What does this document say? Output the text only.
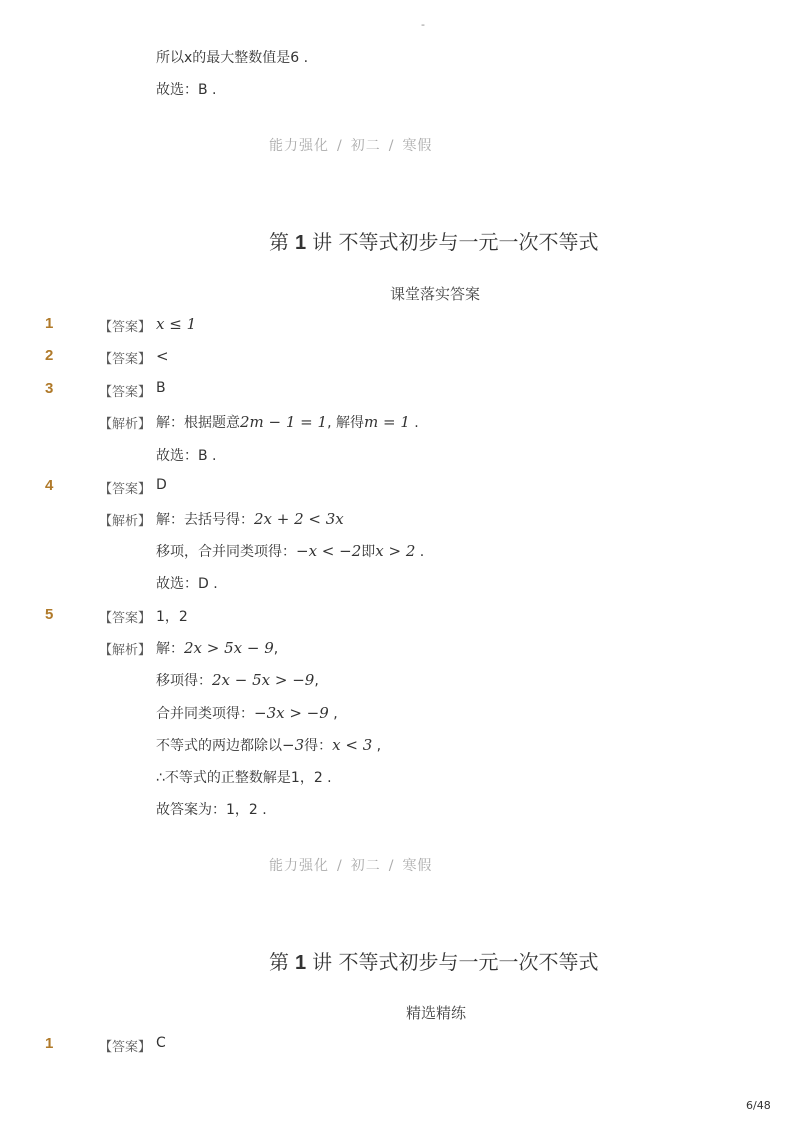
-
所以x的最大整数值是6 .
故选：B .
能力强化 / 初二 / 寒假
第 1 讲 不等式初步与一元一次不等式
课堂落实答案
1	【答案】 x ≤ 1
2	【答案】 <
3	【答案】 B
【解析】 解：根据题意2m − 1 = 1, 解得m = 1 .
故选：B .
4	【答案】 D
【解析】 解：去括号得：2x + 2 < 3x
移项，合并同类项得：−x < −2即x > 2 .
故选：D .
5	【答案】 1，2
【解析】 解：2x > 5x − 9,
移项得：2x − 5x > −9,
合并同类项得：−3x > −9 ,
不等式的两边都除以−3得：x < 3 ,
∴不等式的正整数解是1，2 .
故答案为：1，2 .
能力强化 / 初二 / 寒假
第 1 讲 不等式初步与一元一次不等式
精选精练
1	【答案】 C
6/48
